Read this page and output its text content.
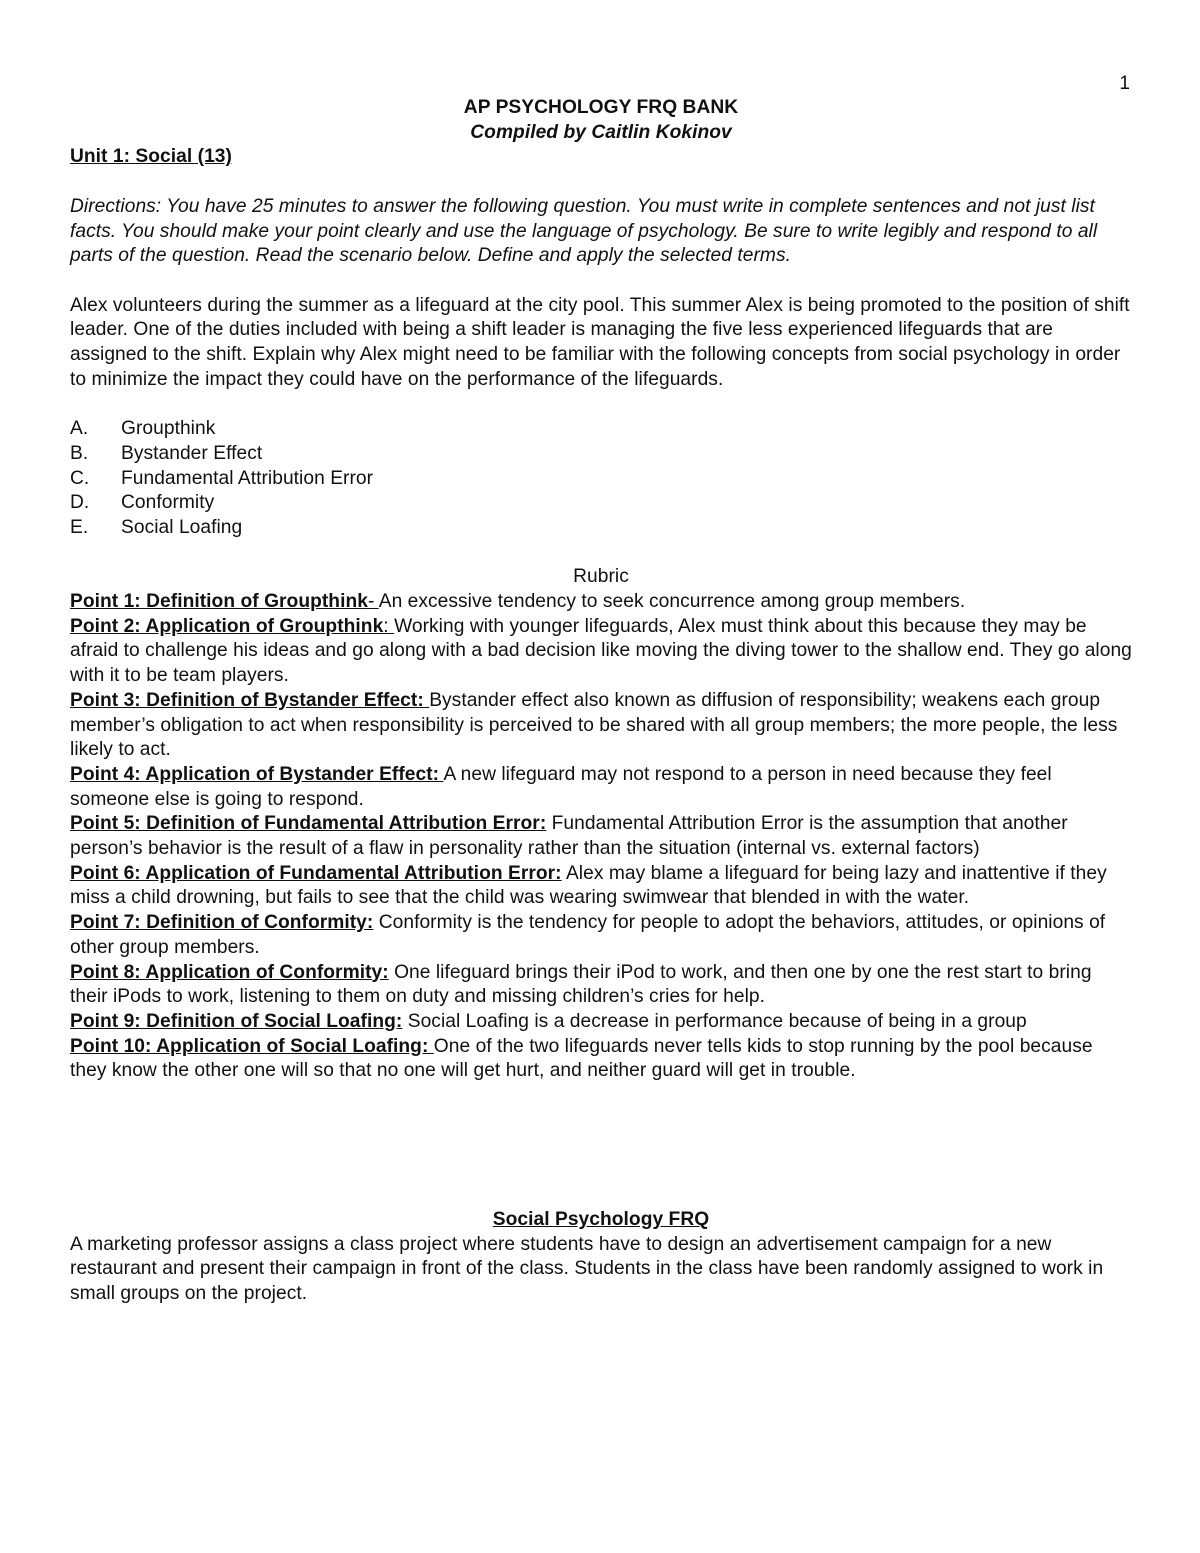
1

AP PSYCHOLOGY FRQ BANK

Compiled by Caitlin Kokinov

Unit 1: Social (13)

Directions: You have 25 minutes to answer the following question. You must write in complete sentences and not just list facts. You should make your point clearly and use the language of psychology. Be sure to write legibly and respond to all parts of the question. Read the scenario below. Define and apply the selected terms.

Alex volunteers during the summer as a lifeguard at the city pool. This summer Alex is being promoted to the position of shift leader. One of the duties included with being a shift leader is managing the five less experienced lifeguards that are assigned to the shift. Explain why Alex might need to be familiar with the following concepts from social psychology in order to minimize the impact they could have on the performance of the lifeguards.

A.	Groupthink
B.	Bystander Effect
C.	Fundamental Attribution Error
D.	Conformity
E.	Social Loafing

Rubric

Point 1: Definition of Groupthink- An excessive tendency to seek concurrence among group members.

Point 2: Application of Groupthink: Working with younger lifeguards, Alex must think about this because they may be afraid to challenge his ideas and go along with a bad decision like moving the diving tower to the shallow end. They go along with it to be team players.

Point 3: Definition of Bystander Effect: Bystander effect also known as diffusion of responsibility; weakens each group member’s obligation to act when responsibility is perceived to be shared with all group members; the more people, the less likely to act.

Point 4: Application of Bystander Effect: A new lifeguard may not respond to a person in need because they feel someone else is going to respond.

Point 5: Definition of Fundamental Attribution Error: Fundamental Attribution Error is the assumption that another person’s behavior is the result of a flaw in personality rather than the situation (internal vs. external factors)

Point 6: Application of Fundamental Attribution Error: Alex may blame a lifeguard for being lazy and inattentive if they miss a child drowning, but fails to see that the child was wearing swimwear that blended in with the water.

Point 7: Definition of Conformity: Conformity is the tendency for people to adopt the behaviors, attitudes, or opinions of other group members.

Point 8: Application of Conformity: One lifeguard brings their iPod to work, and then one by one the rest start to bring their iPods to work, listening to them on duty and missing children’s cries for help.

Point 9: Definition of Social Loafing: Social Loafing is a decrease in performance because of being in a group

Point 10: Application of Social Loafing: One of the two lifeguards never tells kids to stop running by the pool because they know the other one will so that no one will get hurt, and neither guard will get in trouble.

Social Psychology FRQ

A marketing professor assigns a class project where students have to design an advertisement campaign for a new restaurant and present their campaign in front of the class. Students in the class have been randomly assigned to work in small groups on the project.
